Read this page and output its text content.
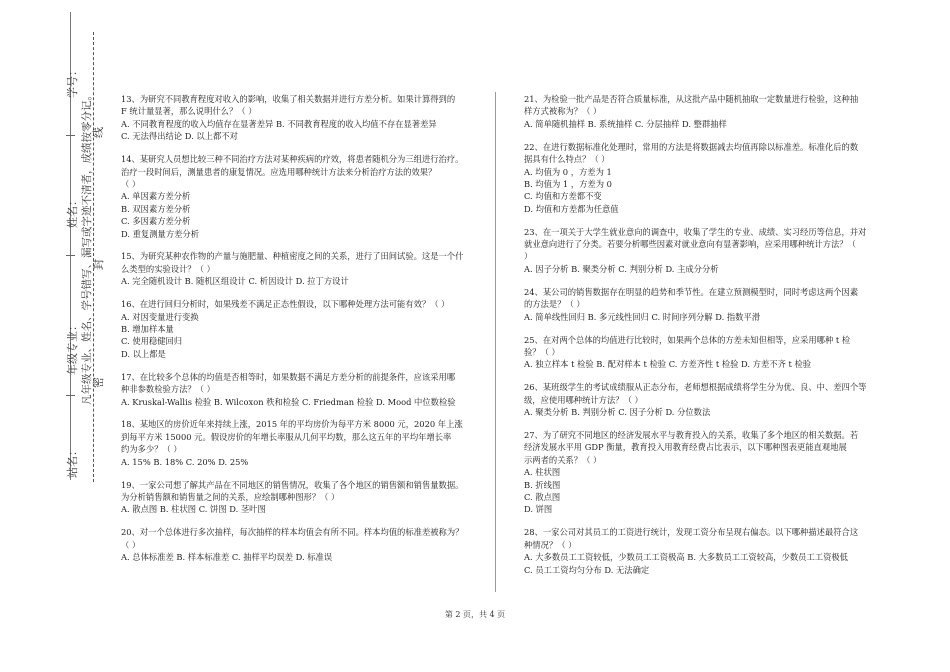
学号：
姓名：
年级专业：
站名：
凡年级专业、姓名、学号错写、漏写或字迹不清者，成绩按零分记。 线
封
密

13、为研究不同教育程度对收入的影响，收集了相关数据并进行方差分析。如果计算得到的

F 统计量显著，那么说明什么？（ ）

A. 不同教育程度的收入均值存在显著差异 B. 不同教育程度的收入均值不存在显著差异

C. 无法得出结论 D. 以上都不对

14、某研究人员想比较三种不同治疗方法对某种疾病的疗效，将患者随机分为三组进行治疗。

治疗一段时间后，测量患者的康复情况。应选用哪种统计方法来分析治疗方法的效果？

（ ）

A. 单因素方差分析

B. 双因素方差分析

C. 多因素方差分析

D. 重复测量方差分析

15、为研究某种农作物的产量与施肥量、种植密度之间的关系，进行了田间试验。这是一个什

么类型的实验设计？（ ）

A. 完全随机设计 B. 随机区组设计 C. 析因设计 D. 拉丁方设计

16、在进行回归分析时，如果残差不满足正态性假设，以下哪种处理方法可能有效？（ ）

A. 对因变量进行变换

B. 增加样本量

C. 使用稳健回归

D. 以上都是

17、在比较多个总体的均值是否相等时，如果数据不满足方差分析的前提条件，应该采用哪

种非参数检验方法？（ ）

A. Kruskal-Wallis 检验 B. Wilcoxon 秩和检验 C. Friedman 检验 D. Mood 中位数检验

18、某地区的房价近年来持续上涨，2015 年的平均房价为每平方米 8000 元，2020 年上涨

到每平方米 15000 元。假设房价的年增长率服从几何平均数，那么这五年的平均年增长率

约为多少？（ ）

A. 15% B. 18% C. 20% D. 25%

19、一家公司想了解其产品在不同地区的销售情况，收集了各个地区的销售额和销售量数据。

为分析销售额和销售量之间的关系，应绘制哪种图形？（ ）

A. 散点图 B. 柱状图 C. 饼图 D. 茎叶图

20、对一个总体进行多次抽样，每次抽样的样本均值会有所不同。样本均值的标准差被称为？

（ ）

A. 总体标准差 B. 样本标准差 C. 抽样平均误差 D. 标准误

21、为检验一批产品是否符合质量标准，从这批产品中随机抽取一定数量进行检验，这种抽

样方式被称为？（ ）

A. 简单随机抽样 B. 系统抽样 C. 分层抽样 D. 整群抽样

22、在进行数据标准化处理时，常用的方法是将数据减去均值再除以标准差。标准化后的数

据具有什么特点？（ ）

A. 均值为 0 ，方差为 1

B. 均值为 1 ，方差为 0

C. 均值和方差都不变

D. 均值和方差都为任意值

23、在一项关于大学生就业意向的调查中，收集了学生的专业、成绩、实习经历等信息，并对

就业意向进行了分类。若要分析哪些因素对就业意向有显著影响，应采用哪种统计方法？（

）

A. 因子分析 B. 聚类分析 C. 判别分析 D. 主成分分析

24、某公司的销售数据存在明显的趋势和季节性。在建立预测模型时，同时考虑这两个因素

的方法是？（ ）

A. 简单线性回归 B. 多元线性回归 C. 时间序列分解 D. 指数平滑

25、在对两个总体的均值进行比较时，如果两个总体的方差未知但相等，应采用哪种 t 检

验？（ ）

A. 独立样本 t 检验 B. 配对样本 t 检验 C. 方差齐性 t 检验 D. 方差不齐 t 检验

26、某班级学生的考试成绩服从正态分布，老师想根据成绩将学生分为优、良、中、差四个等

级，应使用哪种统计方法？（ ）

A. 聚类分析 B. 判别分析 C. 因子分析 D. 分位数法

27、为了研究不同地区的经济发展水平与教育投入的关系，收集了多个地区的相关数据。若

经济发展水平用 GDP 衡量，教育投入用教育经费占比表示，以下哪种图表更能直观地展

示两者的关系？（ ）

A. 柱状图

B. 折线图

C. 散点图

D. 饼图

28、一家公司对其员工的工资进行统计，发现工资分布呈现右偏态。以下哪种描述最符合这

种情况？（ ）

A. 大多数员工工资较低，少数员工工资极高 B. 大多数员工工资较高，少数员工工资极低

C. 员工工资均匀分布 D. 无法确定

第 2 页，共 4 页
